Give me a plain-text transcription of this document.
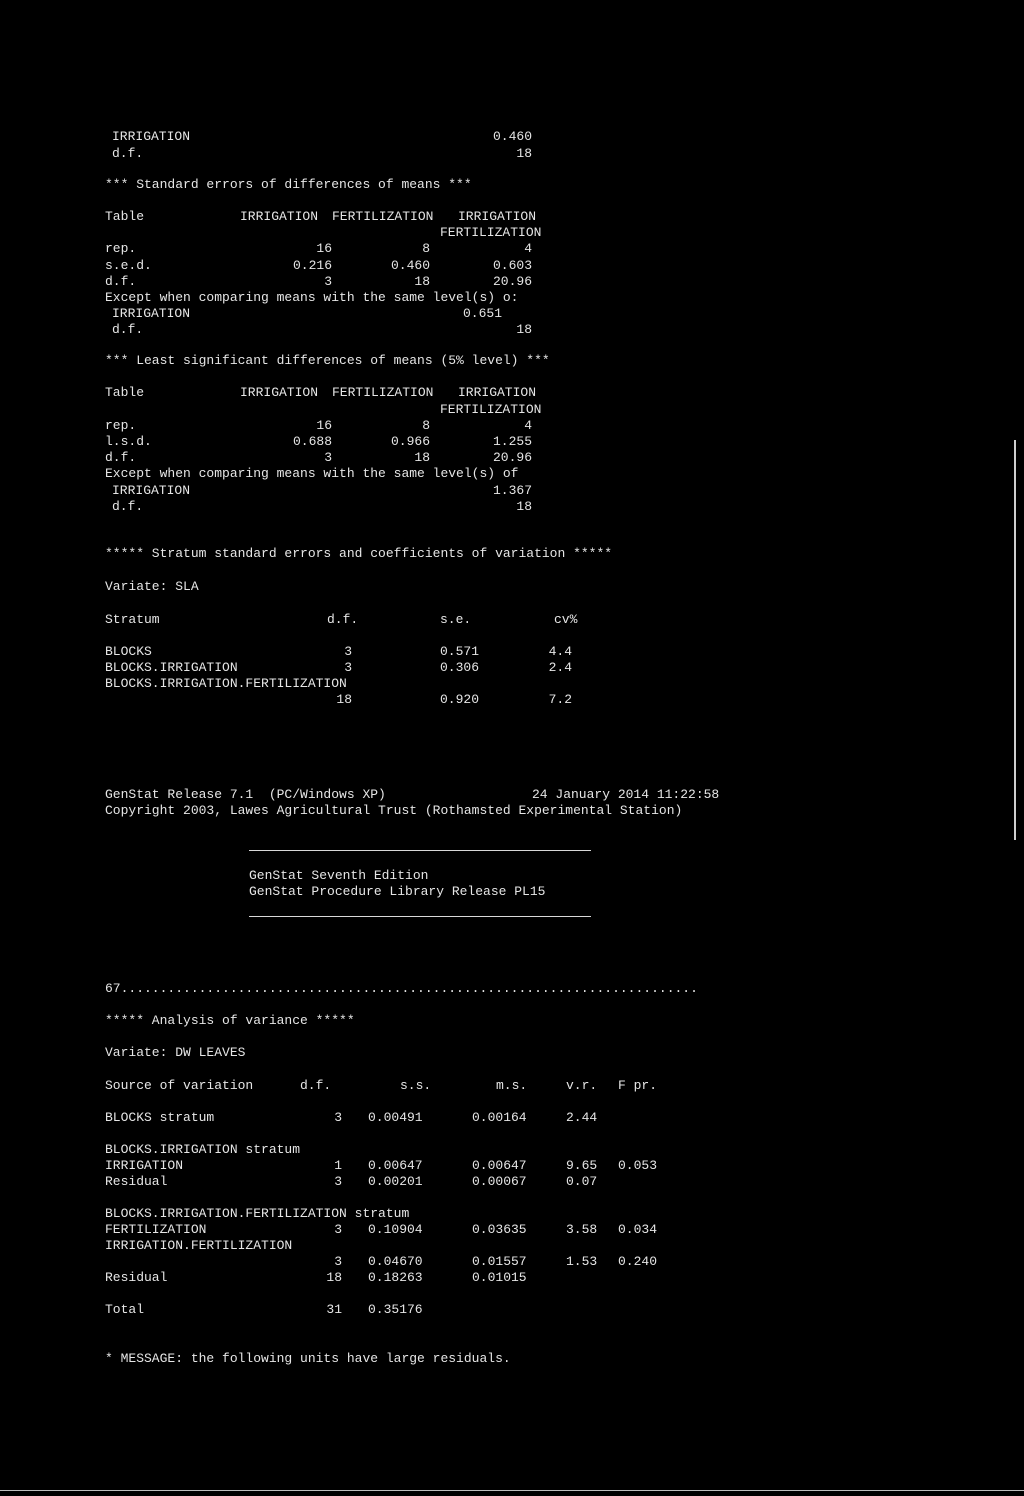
IRRIGATION	0.460
d.f.	18
*** Standard errors of differences of means ***
Table	IRRIGATION FERTILIZATION IRRIGATION
FERTILIZATION
rep.	16	8	4
s.e.d.	0.216	0.460	0.603
d.f.	3	18	20.96
Except when comparing means with the same level(s) o:
IRRIGATION	0.651
d.f.	18
*** Least significant differences of means (5% level) ***
Table	IRRIGATION FERTILIZATION IRRIGATION
FERTILIZATION
rep.	16	8	4
l.s.d.	0.688	0.966	1.255
d.f.	3	18	20.96
Except when comparing means with the same level(s) of
IRRIGATION	1.367
d.f.	18
***** Stratum standard errors and coefficients of variation *****
Variate: SLA
Stratum	d.f.	s.e.	cv%
BLOCKS	3	0.571	4.4
BLOCKS.IRRIGATION	3	0.306	2.4
BLOCKS.IRRIGATION.FERTILIZATION
18	0.920	7.2
GenStat Release 7.1  (PC/Windows XP)	24 January 2014 11:22:58
Copyright 2003, Lawes Agricultural Trust (Rothamsted Experimental Station)
GenStat Seventh Edition
GenStat Procedure Library Release PL15
67..........................................................................
***** Analysis of variance *****
Variate: DW LEAVES
Source of variation	d.f.	s.s.	m.s.	v.r. F pr.
BLOCKS stratum	3 0.00491	0.00164	2.44
BLOCKS.IRRIGATION stratum
IRRIGATION	1 0.00647	0.00647	9.65 0.053
Residual	3 0.00201	0.00067	0.07
BLOCKS.IRRIGATION.FERTILIZATION stratum
FERTILIZATION	3 0.10904	0.03635	3.58 0.034
IRRIGATION.FERTILIZATION
3 0.04670	0.01557	1.53 0.240
Residual	18 0.18263	0.01015
Total	31 0.35176
* MESSAGE: the following units have large residuals.
